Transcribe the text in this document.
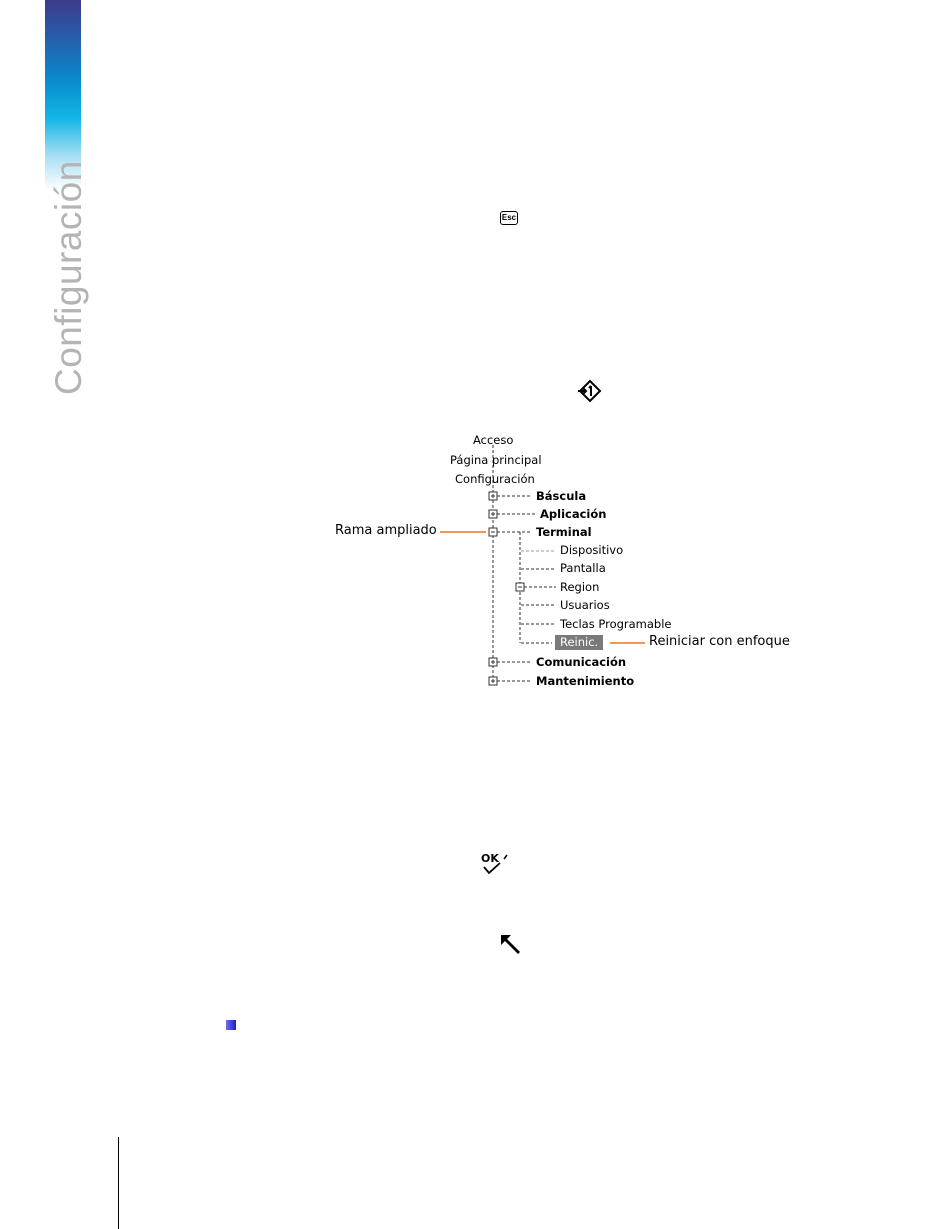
Configuración	Esc
Acceso
Página principal
Configuración
Báscula
Aplicación
Terminal
Dispositivo
Pantalla
Region
Usuarios
Teclas Programable
Reinic.
Comunicación
Mantenimiento
Rama ampliado
Reiniciar con enfoque
OK
